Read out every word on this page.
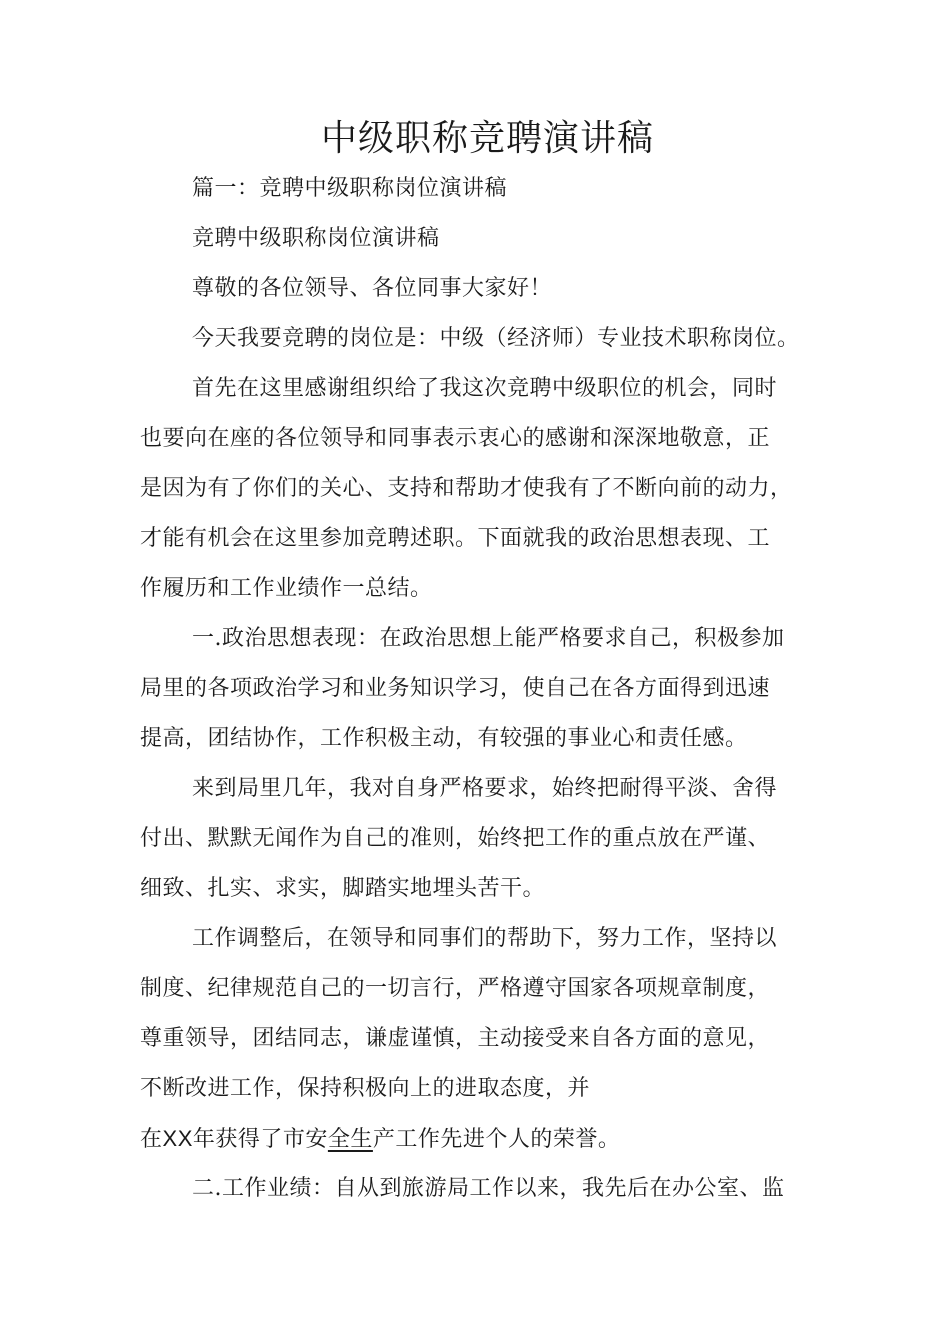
中级职称竞聘演讲稿
篇一：竞聘中级职称岗位演讲稿
竞聘中级职称岗位演讲稿
尊敬的各位领导、各位同事大家好！
今天我要竞聘的岗位是：中级（经济师）专业技术职称岗位。
首先在这里感谢组织给了我这次竞聘中级职位的机会，同时
也要向在座的各位领导和同事表示衷心的感谢和深深地敬意，正
是因为有了你们的关心、支持和帮助才使我有了不断向前的动力，
才能有机会在这里参加竞聘述职。下面就我的政治思想表现、工
作履历和工作业绩作一总结。
一.政治思想表现：在政治思想上能严格要求自己，积极参加
局里的各项政治学习和业务知识学习，使自己在各方面得到迅速
提高，团结协作，工作积极主动，有较强的事业心和责任感。
来到局里几年，我对自身严格要求，始终把耐得平淡、舍得
付出、默默无闻作为自己的准则，始终把工作的重点放在严谨、
细致、扎实、求实，脚踏实地埋头苦干。
工作调整后，在领导和同事们的帮助下，努力工作，坚持以
制度、纪律规范自己的一切言行，严格遵守国家各项规章制度，
尊重领导，团结同志，谦虚谨慎，主动接受来自各方面的意见，
不断改进工作，保持积极向上的进取态度，并
在XX年获得了市安全生产工作先进个人的荣誉。
二.工作业绩：自从到旅游局工作以来，我先后在办公室、监
